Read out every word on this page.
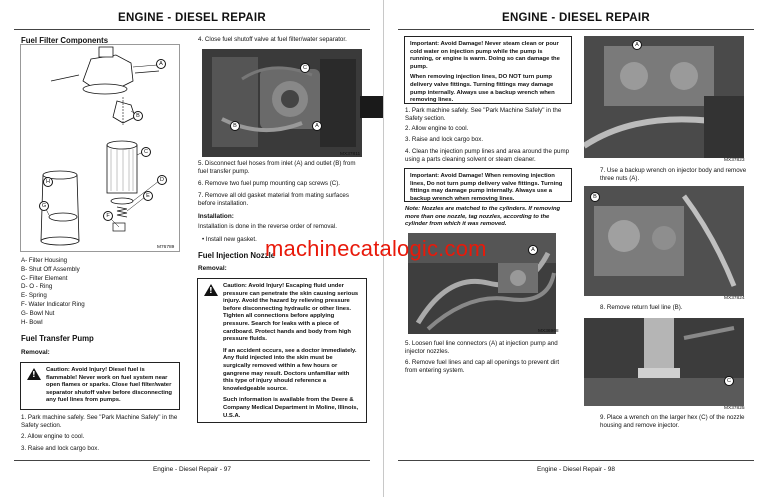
ENGINE - DIESEL REPAIR
Fuel Filter Components
A
B
C
D
E
F
G
H
M76789
A- Filter Housing
B- Shut Off Assembly
C- Filter Element
D- O - Ring
E- Spring
F- Water Indicator Ring
G- Bowl Nut
H- Bowl
Fuel Transfer Pump
Removal:
! Caution: Avoid Injury! Diesel fuel is flammable! Never work on fuel system near open flames or sparks. Close fuel filter/water separator shutoff valve before disconnecting any fuel lines from pumps.
1. Park machine safely. See "Park Machine Safely" in the Safety section.
2. Allow engine to cool.
3. Raise and lock cargo box.
4. Close fuel shutoff valve at fuel filter/water separator.
C
B	A
MX37811
5. Disconnect fuel hoses from inlet (A) and outlet (B) from fuel transfer pump.
6. Remove two fuel pump mounting cap screws (C).
7. Remove all old gasket material from mating surfaces before installation.
Installation:
Installation is done in the reverse order of removal.
• Install new gasket.
Fuel Injection Nozzle
Removal:
! Caution: Avoid Injury! Escaping fluid under pressure can penetrate the skin causing serious injury. Avoid the hazard by relieving pressure before disconnecting hydraulic or other lines. Tighten all connections before applying pressure. Search for leaks with a piece of cardboard. Protect hands and body from high pressure fluids.
If an accident occurs, see a doctor immediately. Any fluid injected into the skin must be surgically removed within a few hours or gangrene may result. Doctors unfamiliar with this type of injury should reference a knowledgeable source.
Such information is available from the Deere & Company Medical Department in Moline, Illinois, U.S.A.
Engine - Diesel Repair - 97
ENGINE - DIESEL REPAIR
Important: Avoid Damage! Never steam clean or pour cold water on injection pump while the pump is running, or engine is warm. Doing so can damage the pump.
When removing injection lines, DO NOT turn pump delivery valve fittings. Turning fittings may damage pump internally. Always use a backup wrench when removing lines.
1. Park machine safely. See "Park Machine Safely" in the Safety section.
2. Allow engine to cool.
3. Raise and lock cargo box.
4. Clean the injection pump lines and area around the pump using a parts cleaning solvent or steam cleaner.
Important: Avoid Damage! When removing injection lines, Do not turn pump delivery valve fittings. Turning fittings may damage pump internally. Always use a backup wrench when removing lines.
Note: Nozzles are matched to the cylinders. If removing more than one nozzle, tag nozzles, according to the cylinder from which it was removed.
A
MX36968
5. Loosen fuel line connectors (A) at injection pump and injector nozzles.
6. Remove fuel lines and cap all openings to prevent dirt from entering system.
A
MX37823
7. Use a backup wrench on injector body and remove three nuts (A).
B
MX37824
8. Remove return fuel line (B).
C
MX37825
9. Place a wrench on the larger hex (C) of the nozzle housing and remove injector.
Engine - Diesel Repair - 98
machinecatalogic.com
